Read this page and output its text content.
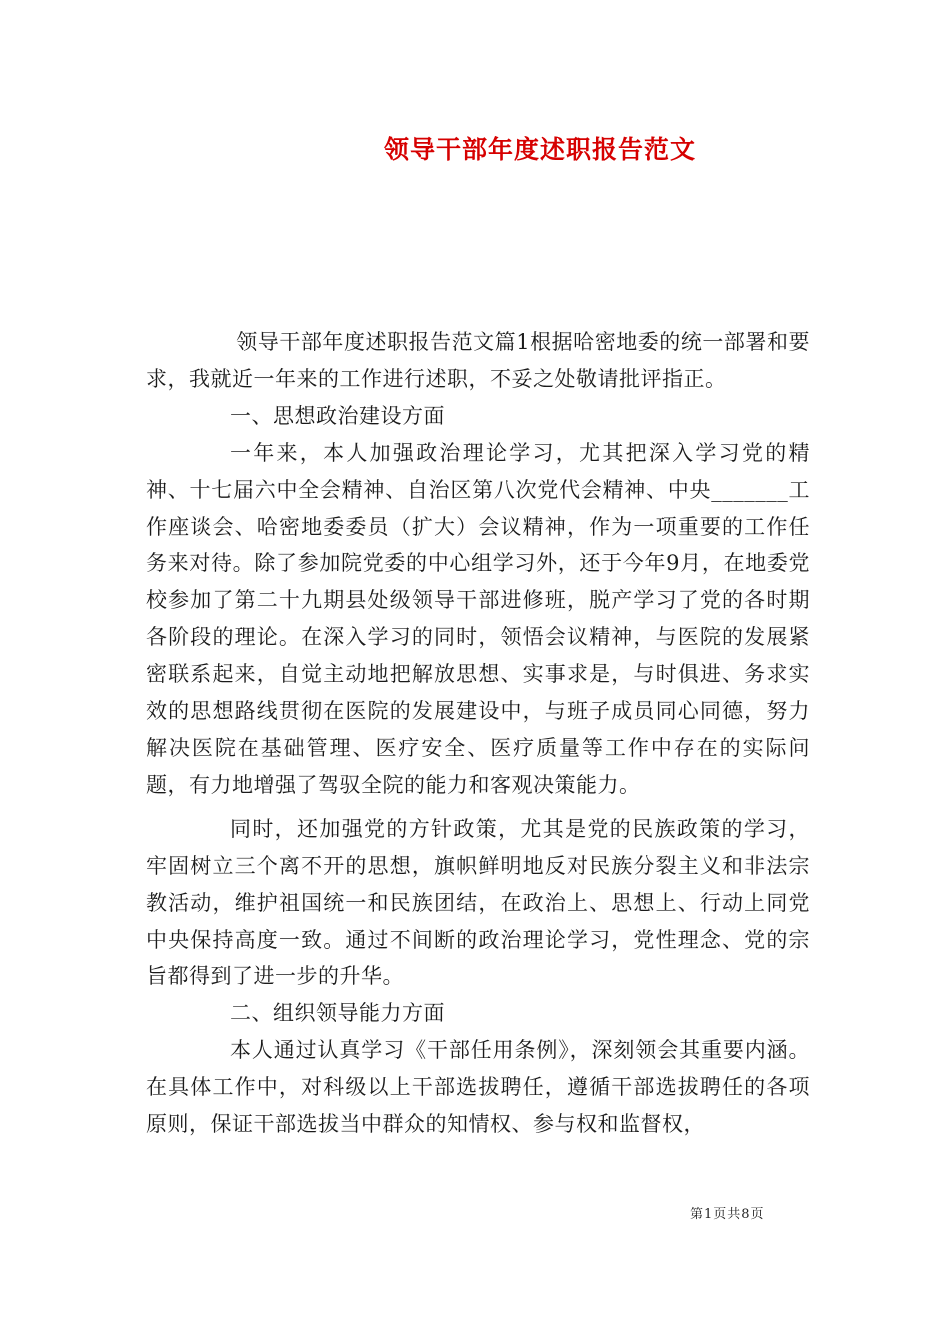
领导干部年度述职报告范文

领导干部年度述职报告范文篇1根据哈密地委的统一部署和要求，我就近一年来的工作进行述职，不妥之处敬请批评指正。

一、思想政治建设方面

一年来，本人加强政治理论学习，尤其把深入学习党的精神、十七届六中全会精神、自治区第八次党代会精神、中央_______工作座谈会、哈密地委委员（扩大）会议精神，作为一项重要的工作任务来对待。除了参加院党委的中心组学习外，还于今年9月，在地委党校参加了第二十九期县处级领导干部进修班，脱产学习了党的各时期各阶段的理论。在深入学习的同时，领悟会议精神，与医院的发展紧密联系起来，自觉主动地把解放思想、实事求是，与时俱进、务求实效的思想路线贯彻在医院的发展建设中，与班子成员同心同德，努力解决医院在基础管理、医疗安全、医疗质量等工作中存在的实际问题，有力地增强了驾驭全院的能力和客观决策能力。

同时，还加强党的方针政策，尤其是党的民族政策的学习，牢固树立三个离不开的思想，旗帜鲜明地反对民族分裂主义和非法宗教活动，维护祖国统一和民族团结，在政治上、思想上、行动上同党中央保持高度一致。通过不间断的政治理论学习，党性理念、党的宗旨都得到了进一步的升华。

二、组织领导能力方面

本人通过认真学习《干部任用条例》，深刻领会其重要内涵。在具体工作中，对科级以上干部选拔聘任，遵循干部选拔聘任的各项原则，保证干部选拔当中群众的知情权、参与权和监督权，

第1页共8页
